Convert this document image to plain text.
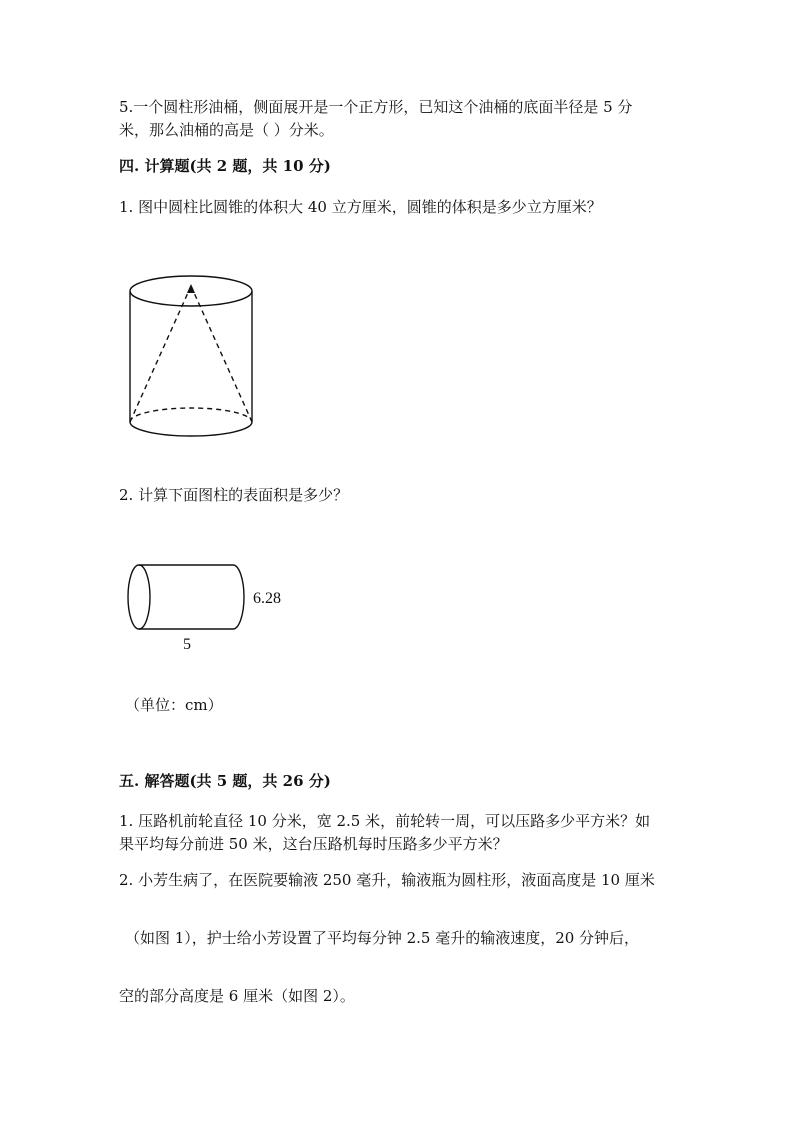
5.一个圆柱形油桶，侧面展开是一个正方形，已知这个油桶的底面半径是 5 分
米，那么油桶的高是（ ）分米。
四. 计算题(共 2 题，共 10 分)
1. 图中圆柱比圆锥的体积大 40 立方厘米，圆锥的体积是多少立方厘米？
2. 计算下面图柱的表面积是多少？
6.28
5
（单位：cm）
五. 解答题(共 5 题，共 26 分)
1. 压路机前轮直径 10 分米，宽 2.5 米，前轮转一周，可以压路多少平方米？如
果平均每分前进 50 米，这台压路机每时压路多少平方米？
2. 小芳生病了，在医院要输液 250 毫升，输液瓶为圆柱形，液面高度是 10 厘米
（如图 1），护士给小芳设置了平均每分钟 2.5 毫升的输液速度，20 分钟后，
空的部分高度是 6 厘米（如图 2）。
